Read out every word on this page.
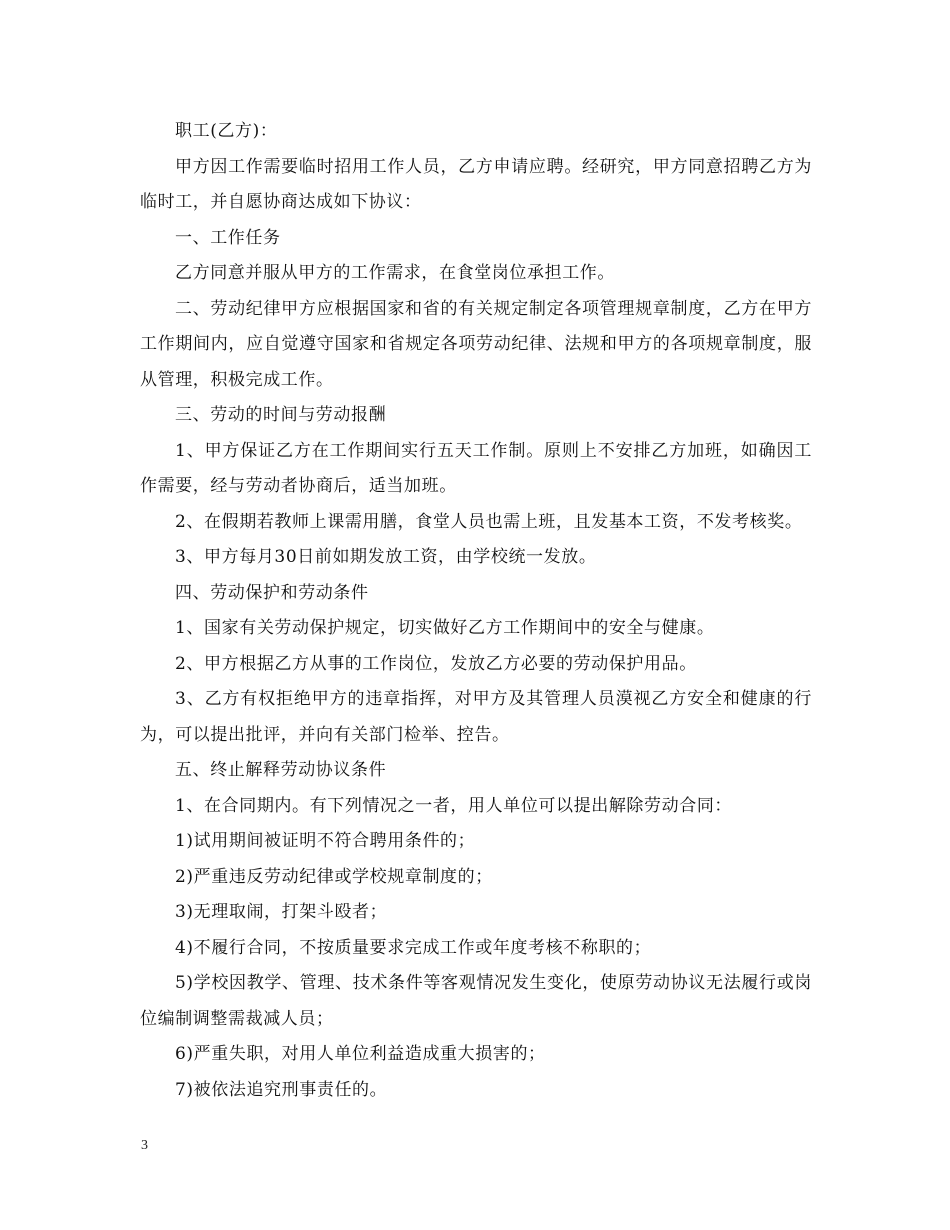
职工(乙方)：

甲方因工作需要临时招用工作人员，乙方申请应聘。经研究，甲方同意招聘乙方为临时工，并自愿协商达成如下协议：

一、工作任务

乙方同意并服从甲方的工作需求，在食堂岗位承担工作。

二、劳动纪律甲方应根据国家和省的有关规定制定各项管理规章制度，乙方在甲方工作期间内，应自觉遵守国家和省规定各项劳动纪律、法规和甲方的各项规章制度，服从管理，积极完成工作。

三、劳动的时间与劳动报酬

1、甲方保证乙方在工作期间实行五天工作制。原则上不安排乙方加班，如确因工作需要，经与劳动者协商后，适当加班。

2、在假期若教师上课需用膳，食堂人员也需上班，且发基本工资，不发考核奖。

3、甲方每月30日前如期发放工资，由学校统一发放。

四、劳动保护和劳动条件

1、国家有关劳动保护规定，切实做好乙方工作期间中的安全与健康。

2、甲方根据乙方从事的工作岗位，发放乙方必要的劳动保护用品。

3、乙方有权拒绝甲方的违章指挥，对甲方及其管理人员漠视乙方安全和健康的行为，可以提出批评，并向有关部门检举、控告。

五、终止解释劳动协议条件

1、在合同期内。有下列情况之一者，用人单位可以提出解除劳动合同：

1)试用期间被证明不符合聘用条件的；

2)严重违反劳动纪律或学校规章制度的；

3)无理取闹，打架斗殴者；

4)不履行合同，不按质量要求完成工作或年度考核不称职的；

5)学校因教学、管理、技术条件等客观情况发生变化，使原劳动协议无法履行或岗位编制调整需裁减人员；

6)严重失职，对用人单位利益造成重大损害的；

7)被依法追究刑事责任的。

3
